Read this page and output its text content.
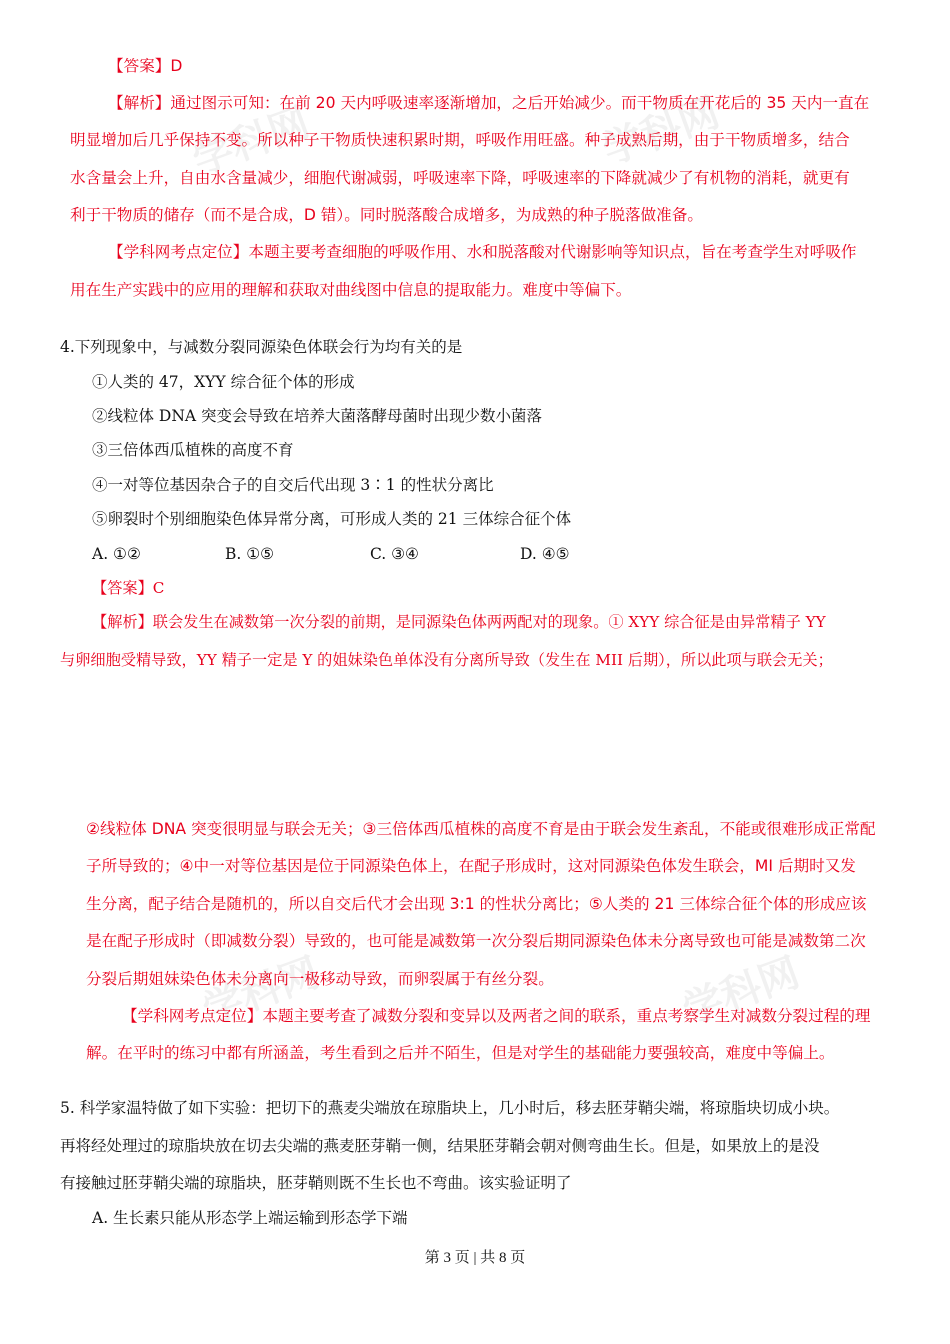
学科网	学科网
学科网	学科网
【答案】D
【解析】通过图示可知：在前 20 天内呼吸速率逐渐增加，之后开始减少。而干物质在开花后的 35 天内一直在
明显增加后几乎保持不变。所以种子干物质快速积累时期，呼吸作用旺盛。种子成熟后期，由于干物质增多，结合
水含量会上升，自由水含量减少，细胞代谢减弱，呼吸速率下降，呼吸速率的下降就减少了有机物的消耗，就更有
利于干物质的储存（而不是合成，D 错）。同时脱落酸合成增多，为成熟的种子脱落做准备。
【学科网考点定位】本题主要考查细胞的呼吸作用、水和脱落酸对代谢影响等知识点，旨在考查学生对呼吸作
用在生产实践中的应用的理解和获取对曲线图中信息的提取能力。难度中等偏下。
4.下列现象中，与减数分裂同源染色体联会行为均有关的是
①人类的 47，XYY 综合征个体的形成
②线粒体 DNA 突变会导致在培养大菌落酵母菌时出现少数小菌落
③三倍体西瓜植株的高度不育
④一对等位基因杂合子的自交后代出现 3∶1 的性状分离比
⑤卵裂时个别细胞染色体异常分离，可形成人类的 21 三体综合征个体
A. ①②	B. ①⑤	C. ③④	D. ④⑤
【答案】C
【解析】联会发生在减数第一次分裂的前期，是同源染色体两两配对的现象。① XYY 综合征是由异常精子 YY
与卵细胞受精导致，YY 精子一定是 Y 的姐妹染色单体没有分离所导致（发生在 MII 后期），所以此项与联会无关；
②线粒体 DNA 突变很明显与联会无关；③三倍体西瓜植株的高度不育是由于联会发生紊乱，不能或很难形成正常配
子所导致的；④中一对等位基因是位于同源染色体上，在配子形成时，这对同源染色体发生联会，MI 后期时又发
生分离，配子结合是随机的，所以自交后代才会出现 3:1 的性状分离比；⑤人类的 21 三体综合征个体的形成应该
是在配子形成时（即减数分裂）导致的，也可能是减数第一次分裂后期同源染色体未分离导致也可能是减数第二次
分裂后期姐妹染色体未分离向一极移动导致，而卵裂属于有丝分裂。
【学科网考点定位】本题主要考查了减数分裂和变异以及两者之间的联系，重点考察学生对减数分裂过程的理
解。在平时的练习中都有所涵盖，考生看到之后并不陌生，但是对学生的基础能力要强较高，难度中等偏上。
5. 科学家温特做了如下实验：把切下的燕麦尖端放在琼脂块上，几小时后，移去胚芽鞘尖端，将琼脂块切成小块。
再将经处理过的琼脂块放在切去尖端的燕麦胚芽鞘一侧，结果胚芽鞘会朝对侧弯曲生长。但是，如果放上的是没
有接触过胚芽鞘尖端的琼脂块，胚芽鞘则既不生长也不弯曲。该实验证明了
A. 生长素只能从形态学上端运输到形态学下端
第 3 页 | 共 8 页
